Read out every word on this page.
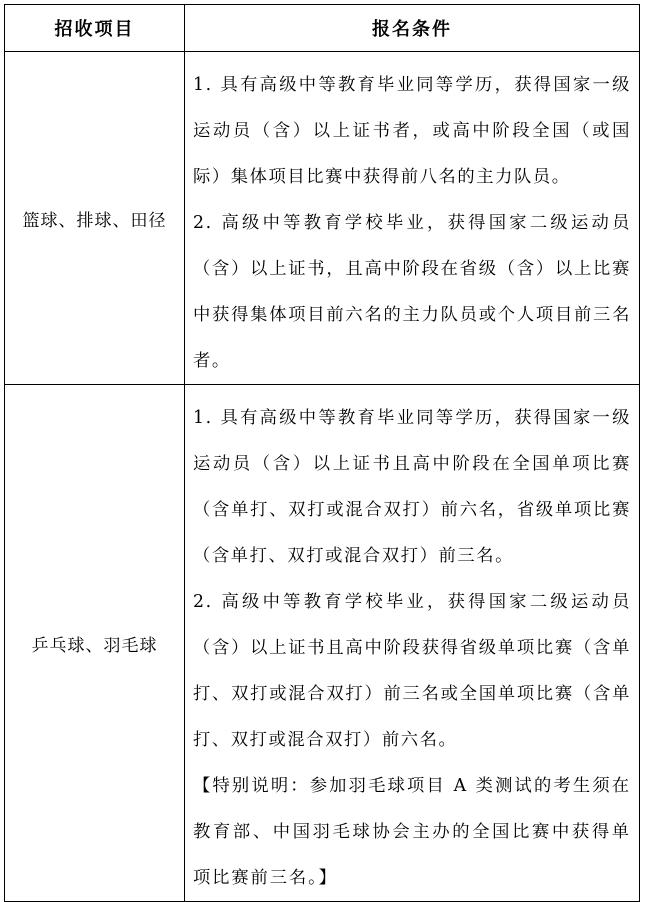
招收项目	报名条件
篮球、排球、田径	1. 具有高级中等教育毕业同等学历，获得国家一级运动员（含）以上证书者，或高中阶段全国（或国际）集体项目比赛中获得前八名的主力队员。

2. 高级中等教育学校毕业，获得国家二级运动员（含）以上证书，且高中阶段在省级（含）以上比赛中获得集体项目前六名的主力队员或个人项目前三名者。

乒乓球、羽毛球	1. 具有高级中等教育毕业同等学历，获得国家一级运动员（含）以上证书且高中阶段在全国单项比赛（含单打、双打或混合双打）前六名，省级单项比赛（含单打、双打或混合双打）前三名。

2. 高级中等教育学校毕业，获得国家二级运动员（含）以上证书且高中阶段获得省级单项比赛（含单打、双打或混合双打）前三名或全国单项比赛（含单打、双打或混合双打）前六名。

【特别说明：参加羽毛球项目 A 类测试的考生须在教育部、中国羽毛球协会主办的全国比赛中获得单项比赛前三名。】
